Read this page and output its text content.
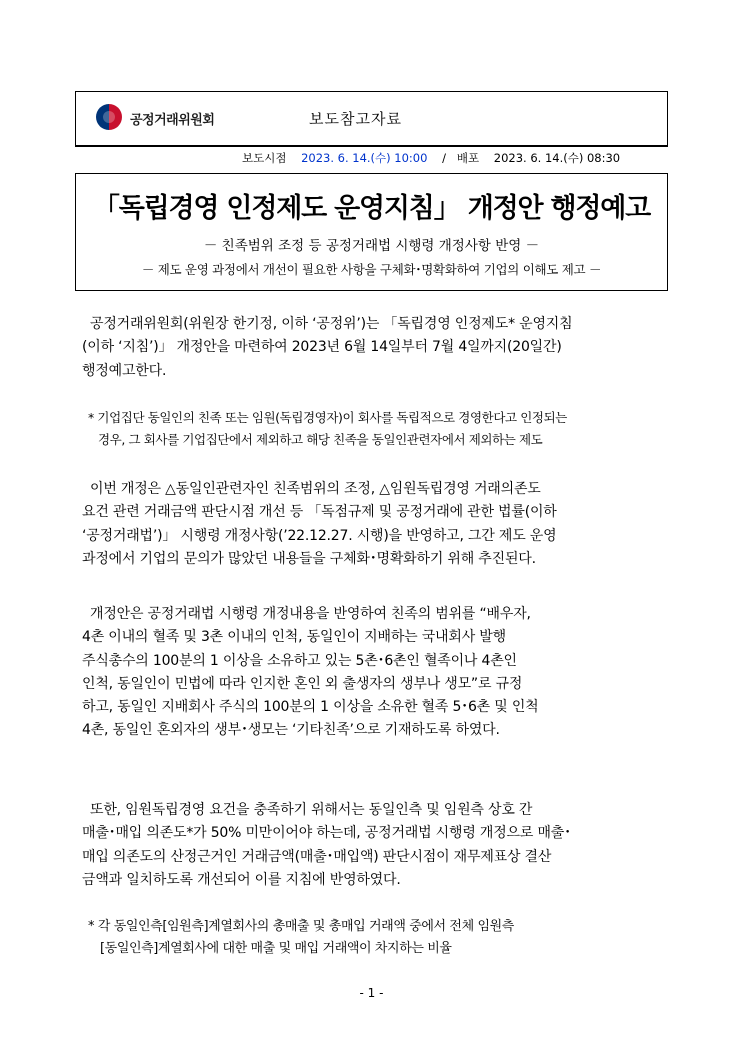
공정거래위원회	보도참고자료
보도시점 2023. 6. 14.(수) 10:00 / 배포 2023. 6. 14.(수) 08:30
「독립경영 인정제도 운영지침」 개정안 행정예고
－ 친족범위 조정 등 공정거래법 시행령 개정사항 반영 －
－ 제도 운영 과정에서 개선이 필요한 사항을 구체화･명확화하여 기업의 이해도 제고 －
공정거래위원회(위원장 한기정, 이하 ‘공정위’)는 「독립경영 인정제도* 운영지침
(이하 ‘지침’)」 개정안을 마련하여 2023년 6월 14일부터 7월 4일까지(20일간)
행정예고한다.
* 기업집단 동일인의 친족 또는 임원(독립경영자)이 회사를 독립적으로 경영한다고 인정되는
경우, 그 회사를 기업집단에서 제외하고 해당 친족을 동일인관련자에서 제외하는 제도
이번 개정은 △동일인관련자인 친족범위의 조정, △임원독립경영 거래의존도
요건 관련 거래금액 판단시점 개선 등 「독점규제 및 공정거래에 관한 법률(이하
‘공정거래법’)」 시행령 개정사항(’22.12.27. 시행)을 반영하고, 그간 제도 운영
과정에서 기업의 문의가 많았던 내용들을 구체화･명확화하기 위해 추진된다.
개정안은 공정거래법 시행령 개정내용을 반영하여 친족의 범위를 “배우자,
4촌 이내의 혈족 및 3촌 이내의 인척, 동일인이 지배하는 국내회사 발행
주식총수의 100분의 1 이상을 소유하고 있는 5촌･6촌인 혈족이나 4촌인
인척, 동일인이 민법에 따라 인지한 혼인 외 출생자의 생부나 생모”로 규정
하고, 동일인 지배회사 주식의 100분의 1 이상을 소유한 혈족 5･6촌 및 인척
4촌, 동일인 혼외자의 생부･생모는 ‘기타친족’으로 기재하도록 하였다.
또한, 임원독립경영 요건을 충족하기 위해서는 동일인측 및 임원측 상호 간
매출･매입 의존도*가 50% 미만이어야 하는데, 공정거래법 시행령 개정으로 매출･
매입 의존도의 산정근거인 거래금액(매출･매입액) 판단시점이 재무제표상 결산
금액과 일치하도록 개선되어 이를 지침에 반영하였다.
* 각 동일인측[임원측]계열회사의 총매출 및 총매입 거래액 중에서 전체 임원측
[동일인측]계열회사에 대한 매출 및 매입 거래액이 차지하는 비율
- 1 -
